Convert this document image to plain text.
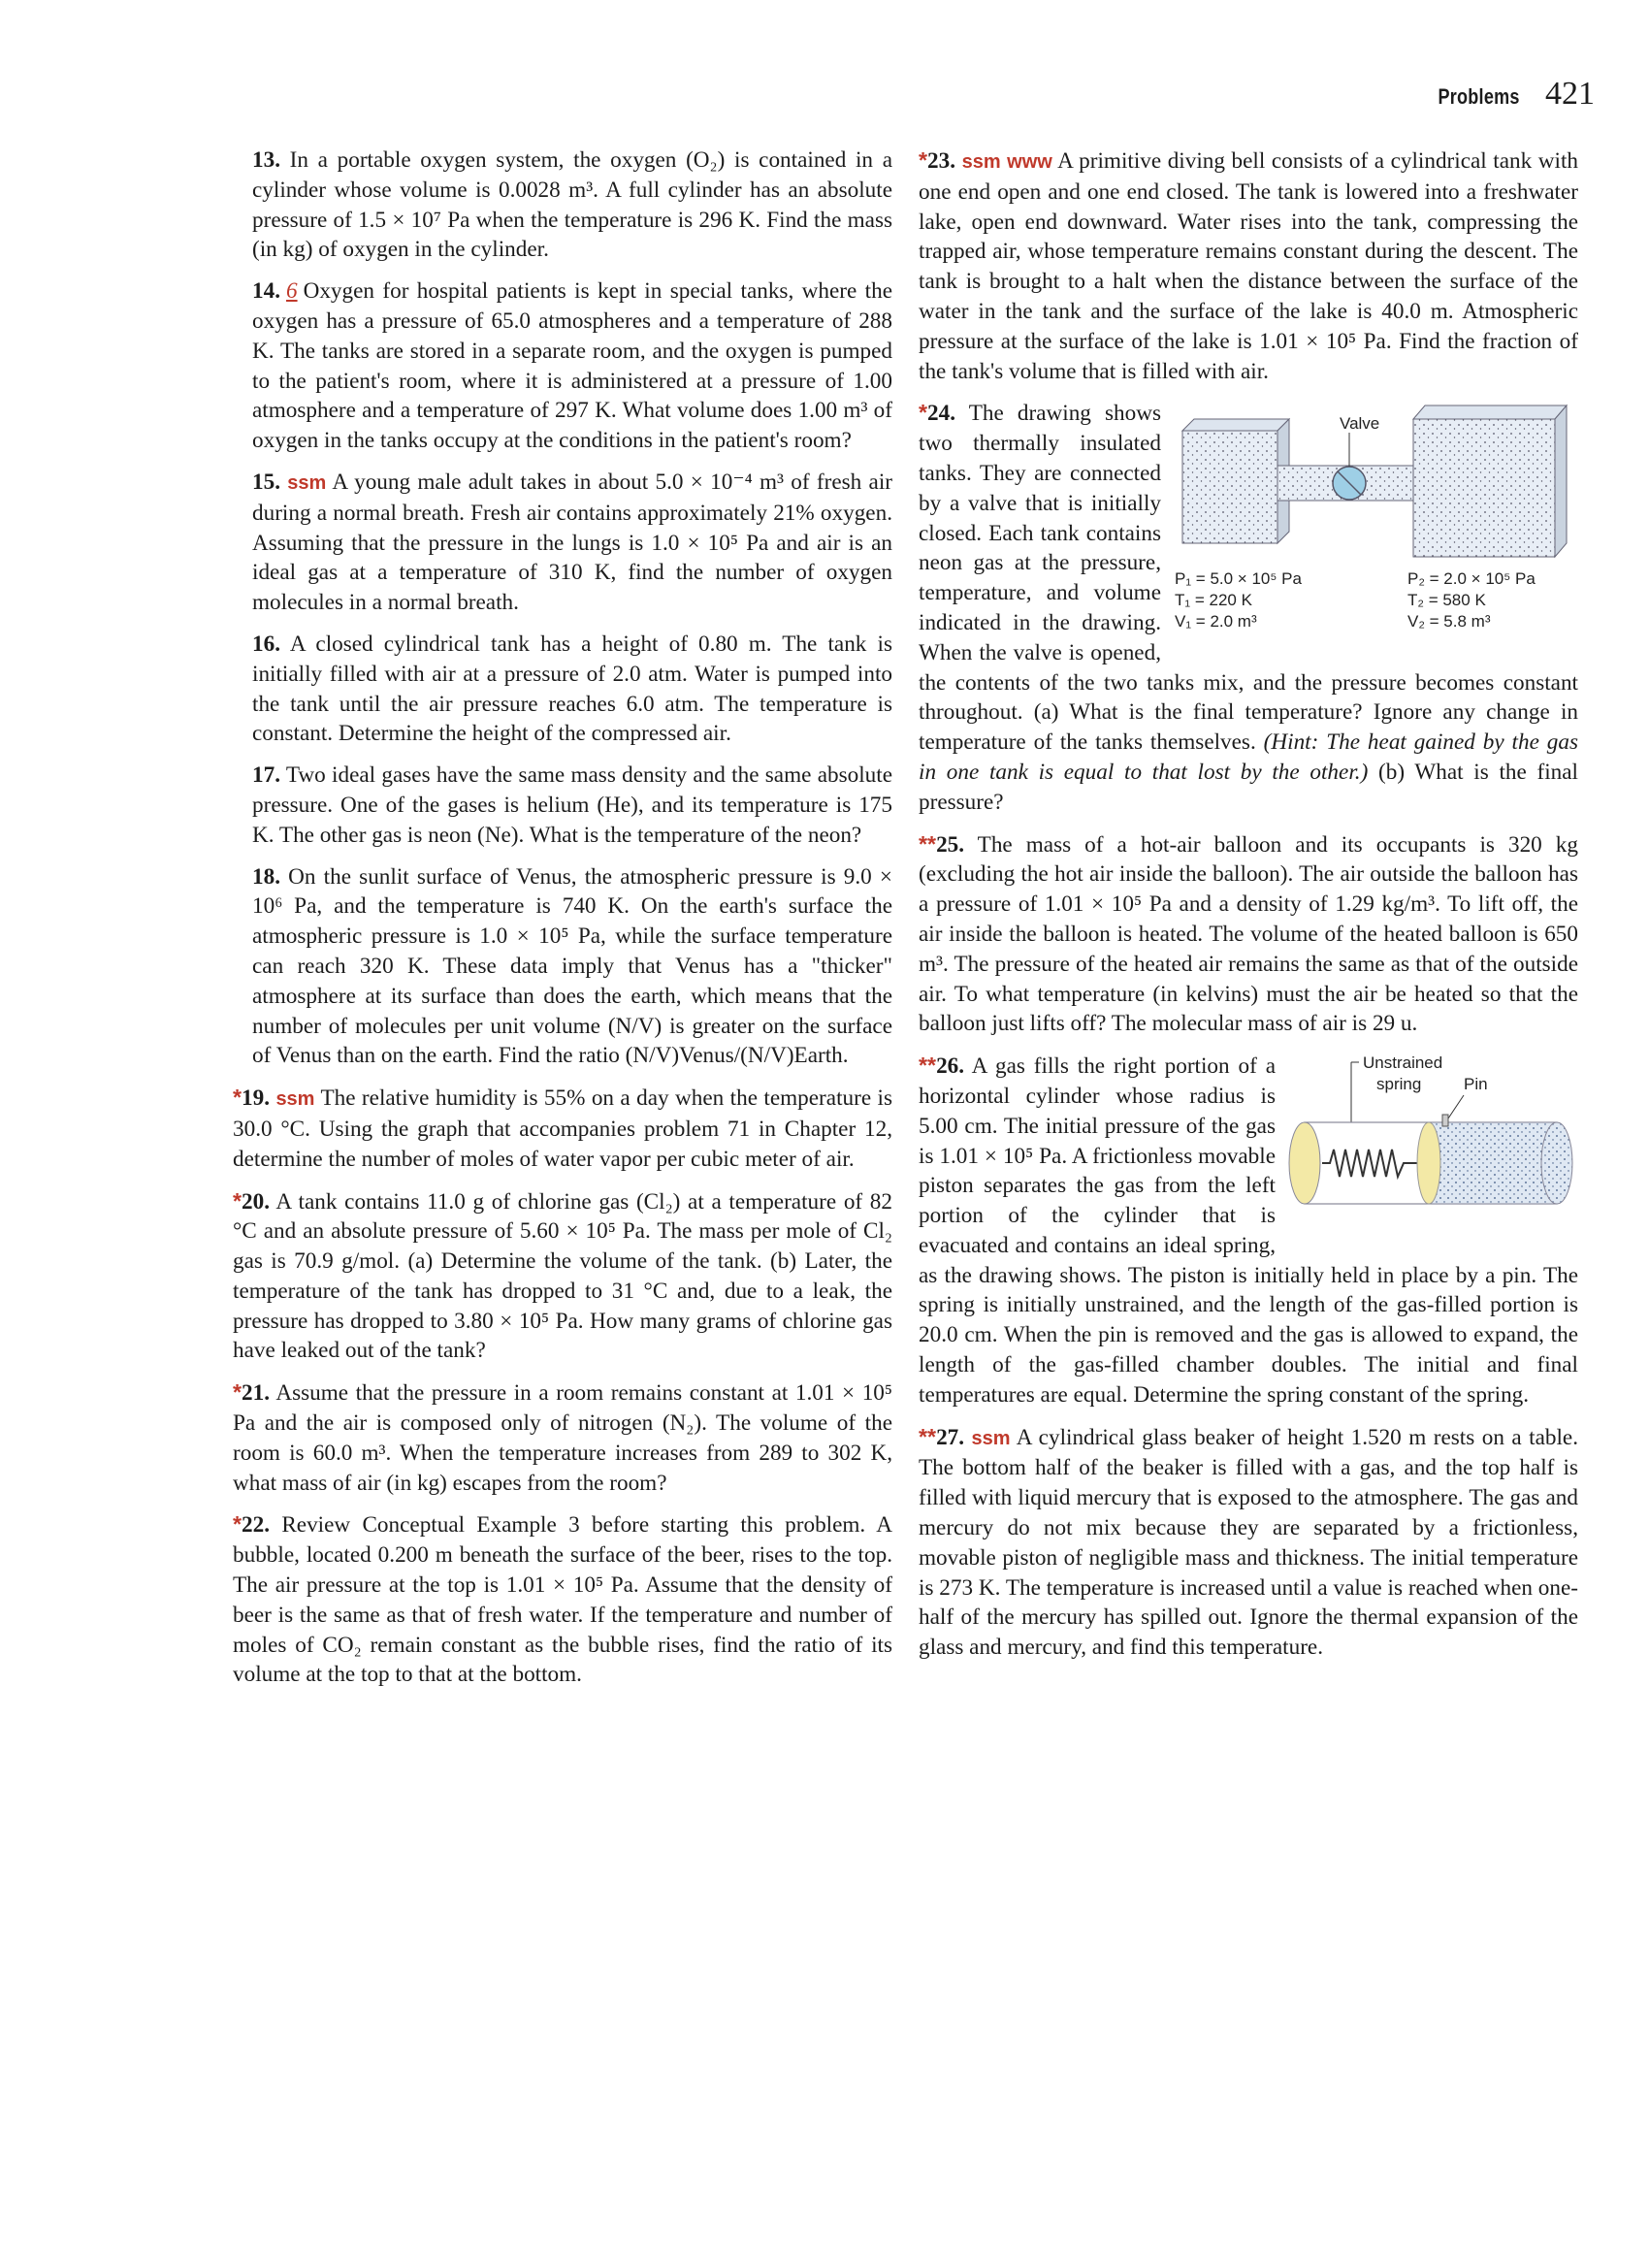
Problems 421

13. In a portable oxygen system, the oxygen (O₂) is contained in a cylinder whose volume is 0.0028 m³. A full cylinder has an absolute pressure of 1.5 × 10⁷ Pa when the temperature is 296 K. Find the mass (in kg) of oxygen in the cylinder.

14. 6 Oxygen for hospital patients is kept in special tanks, where the oxygen has a pressure of 65.0 atmospheres and a temperature of 288 K. The tanks are stored in a separate room, and the oxygen is pumped to the patient's room, where it is administered at a pressure of 1.00 atmosphere and a temperature of 297 K. What volume does 1.00 m³ of oxygen in the tanks occupy at the conditions in the patient's room?

15. ssm A young male adult takes in about 5.0 × 10⁻⁴ m³ of fresh air during a normal breath. Fresh air contains approximately 21% oxygen. Assuming that the pressure in the lungs is 1.0 × 10⁵ Pa and air is an ideal gas at a temperature of 310 K, find the number of oxygen molecules in a normal breath.

16. A closed cylindrical tank has a height of 0.80 m. The tank is initially filled with air at a pressure of 2.0 atm. Water is pumped into the tank until the air pressure reaches 6.0 atm. The temperature is constant. Determine the height of the compressed air.

17. Two ideal gases have the same mass density and the same absolute pressure. One of the gases is helium (He), and its temperature is 175 K. The other gas is neon (Ne). What is the temperature of the neon?

18. On the sunlit surface of Venus, the atmospheric pressure is 9.0 × 10⁶ Pa, and the temperature is 740 K. On the earth's surface the atmospheric pressure is 1.0 × 10⁵ Pa, while the surface temperature can reach 320 K. These data imply that Venus has a "thicker" atmosphere at its surface than does the earth, which means that the number of molecules per unit volume (N/V) is greater on the surface of Venus than on the earth. Find the ratio (N/V)Venus/(N/V)Earth.

*19. ssm The relative humidity is 55% on a day when the temperature is 30.0 °C. Using the graph that accompanies problem 71 in Chapter 12, determine the number of moles of water vapor per cubic meter of air.

*20. A tank contains 11.0 g of chlorine gas (Cl₂) at a temperature of 82 °C and an absolute pressure of 5.60 × 10⁵ Pa. The mass per mole of Cl₂ gas is 70.9 g/mol. (a) Determine the volume of the tank. (b) Later, the temperature of the tank has dropped to 31 °C and, due to a leak, the pressure has dropped to 3.80 × 10⁵ Pa. How many grams of chlorine gas have leaked out of the tank?

*21. Assume that the pressure in a room remains constant at 1.01 × 10⁵ Pa and the air is composed only of nitrogen (N₂). The volume of the room is 60.0 m³. When the temperature increases from 289 to 302 K, what mass of air (in kg) escapes from the room?

*22. Review Conceptual Example 3 before starting this problem. A bubble, located 0.200 m beneath the surface of the beer, rises to the top. The air pressure at the top is 1.01 × 10⁵ Pa. Assume that the density of beer is the same as that of fresh water. If the temperature and number of moles of CO₂ remain constant as the bubble rises, find the ratio of its volume at the top to that at the bottom.

*23. ssm www A primitive diving bell consists of a cylindrical tank with one end open and one end closed. The tank is lowered into a freshwater lake, open end downward. Water rises into the tank, compressing the trapped air, whose temperature remains constant during the descent. The tank is brought to a halt when the distance between the surface of the water in the tank and the surface of the lake is 40.0 m. Atmospheric pressure at the surface of the lake is 1.01 × 10⁵ Pa. Find the fraction of the tank's volume that is filled with air.

Valve
P₁ = 5.0 × 10⁵ Pa
T₁ = 220 K
V₁ = 2.0 m³
P₂ = 2.0 × 10⁵ Pa
T₂ = 580 K
V₂ = 5.8 m³
*24. The drawing shows two thermally insulated tanks. They are connected by a valve that is initially closed. Each tank contains neon gas at the pressure, temperature, and volume indicated in the drawing. When the valve is opened, the contents of the two tanks mix, and the pressure becomes constant throughout. (a) What is the final temperature? Ignore any change in temperature of the tanks themselves. (Hint: The heat gained by the gas in one tank is equal to that lost by the other.) (b) What is the final pressure?

**25. The mass of a hot-air balloon and its occupants is 320 kg (excluding the hot air inside the balloon). The air outside the balloon has a pressure of 1.01 × 10⁵ Pa and a density of 1.29 kg/m³. To lift off, the air inside the balloon is heated. The volume of the heated balloon is 650 m³. The pressure of the heated air remains the same as that of the outside air. To what temperature (in kelvins) must the air be heated so that the balloon just lifts off? The molecular mass of air is 29 u.

Unstrained
spring	Pin
**26. A gas fills the right portion of a horizontal cylinder whose radius is 5.00 cm. The initial pressure of the gas is 1.01 × 10⁵ Pa. A frictionless movable piston separates the gas from the left portion of the cylinder that is evacuated and contains an ideal spring, as the drawing shows. The piston is initially held in place by a pin. The spring is initially unstrained, and the length of the gas-filled portion is 20.0 cm. When the pin is removed and the gas is allowed to expand, the length of the gas-filled chamber doubles. The initial and final temperatures are equal. Determine the spring constant of the spring.

**27. ssm A cylindrical glass beaker of height 1.520 m rests on a table. The bottom half of the beaker is filled with a gas, and the top half is filled with liquid mercury that is exposed to the atmosphere. The gas and mercury do not mix because they are separated by a frictionless, movable piston of negligible mass and thickness. The initial temperature is 273 K. The temperature is increased until a value is reached when one-half of the mercury has spilled out. Ignore the thermal expansion of the glass and mercury, and find this temperature.
